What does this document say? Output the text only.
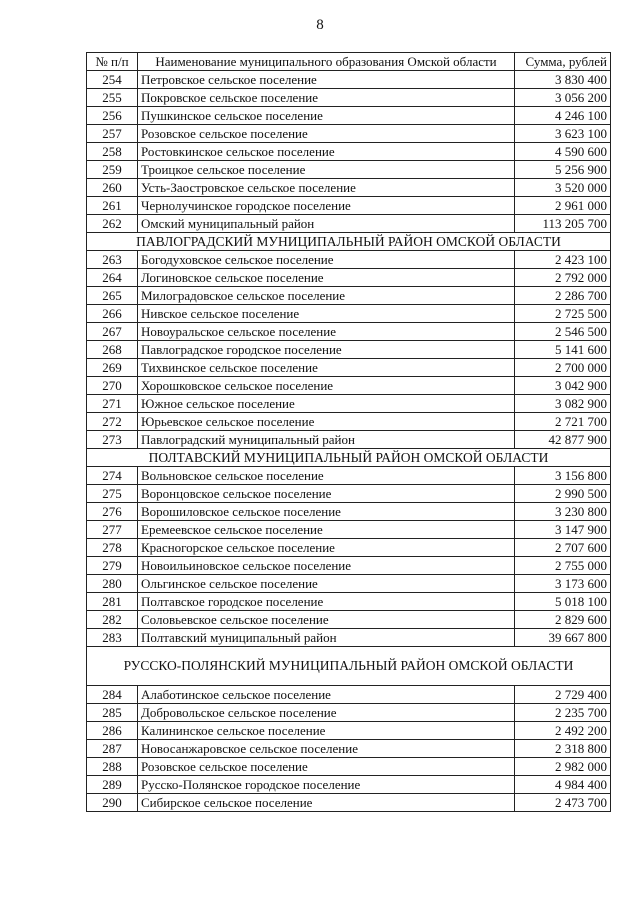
8
№ п/п	Наименование муниципального образования Омской области	Сумма, рублей
254	Петровское сельское поселение	3 830 400
255	Покровское сельское поселение	3 056 200
256	Пушкинское сельское поселение	4 246 100
257	Розовское сельское поселение	3 623 100
258	Ростовкинское сельское поселение	4 590 600
259	Троицкое сельское поселение	5 256 900
260	Усть-Заостровское сельское поселение	3 520 000
261	Чернолучинское городское поселение	2 961 000
262	Омский муниципальный район	113 205 700
ПАВЛОГРАДСКИЙ МУНИЦИПАЛЬНЫЙ РАЙОН ОМСКОЙ ОБЛАСТИ		
263	Богодуховское сельское поселение	2 423 100
264	Логиновское сельское поселение	2 792 000
265	Милоградовское сельское поселение	2 286 700
266	Нивское сельское поселение	2 725 500
267	Новоуральское сельское поселение	2 546 500
268	Павлоградское городское поселение	5 141 600
269	Тихвинское сельское поселение	2 700 000
270	Хорошковское сельское поселение	3 042 900
271	Южное сельское поселение	3 082 900
272	Юрьевское сельское поселение	2 721 700
273	Павлоградский муниципальный район	42 877 900
ПОЛТАВСКИЙ МУНИЦИПАЛЬНЫЙ РАЙОН ОМСКОЙ ОБЛАСТИ		
274	Вольновское сельское поселение	3 156 800
275	Воронцовское сельское поселение	2 990 500
276	Ворошиловское сельское поселение	3 230 800
277	Еремеевское сельское поселение	3 147 900
278	Красногорское сельское поселение	2 707 600
279	Новоильиновское сельское поселение	2 755 000
280	Ольгинское сельское поселение	3 173 600
281	Полтавское городское поселение	5 018 100
282	Соловьевское сельское поселение	2 829 600
283	Полтавский муниципальный район	39 667 800
РУССКО-ПОЛЯНСКИЙ МУНИЦИПАЛЬНЫЙ РАЙОН ОМСКОЙ ОБЛАСТИ		
284	Алаботинское сельское поселение	2 729 400
285	Добровольское сельское поселение	2 235 700
286	Калининское сельское поселение	2 492 200
287	Новосанжаровское сельское поселение	2 318 800
288	Розовское сельское поселение	2 982 000
289	Русско-Полянское городское поселение	4 984 400
290	Сибирское сельское поселение	2 473 700
